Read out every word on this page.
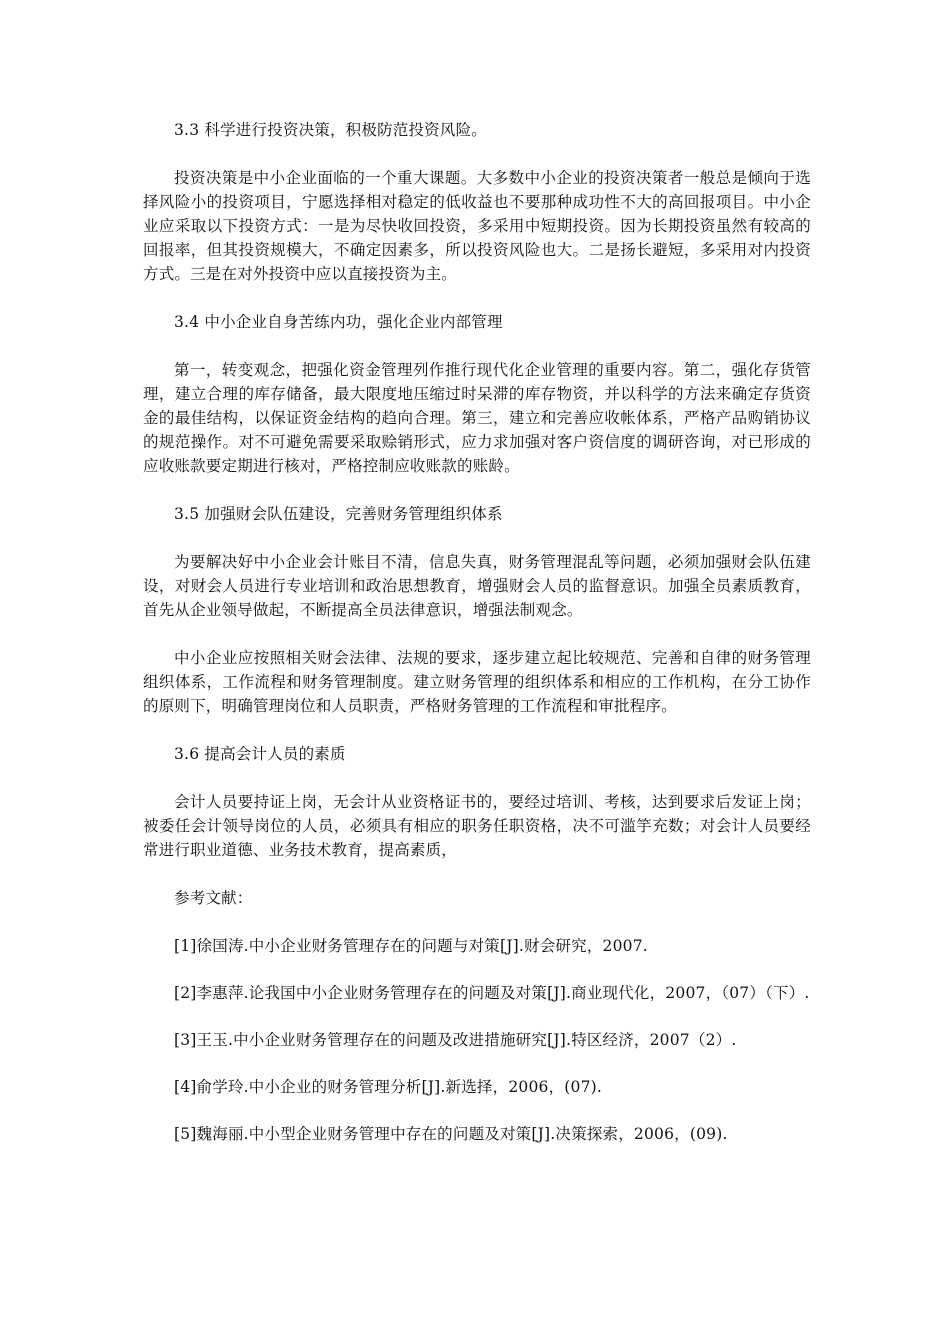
3.3 科学进行投资决策，积极防范投资风险。

投资决策是中小企业面临的一个重大课题。大多数中小企业的投资决策者一般总是倾向于选择风险小的投资项目，宁愿选择相对稳定的低收益也不要那种成功性不大的高回报项目。中小企业应采取以下投资方式：一是为尽快收回投资，多采用中短期投资。因为长期投资虽然有较高的回报率，但其投资规模大，不确定因素多，所以投资风险也大。二是扬长避短，多采用对内投资方式。三是在对外投资中应以直接投资为主。

3.4 中小企业自身苦练内功，强化企业内部管理

第一，转变观念，把强化资金管理列作推行现代化企业管理的重要内容。第二，强化存货管理，建立合理的库存储备，最大限度地压缩过时呆滞的库存物资，并以科学的方法来确定存货资金的最佳结构，以保证资金结构的趋向合理。第三，建立和完善应收帐体系，严格产品购销协议的规范操作。对不可避免需要采取赊销形式，应力求加强对客户资信度的调研咨询，对已形成的应收账款要定期进行核对，严格控制应收账款的账龄。

3.5 加强财会队伍建设，完善财务管理组织体系

为要解决好中小企业会计账目不清，信息失真，财务管理混乱等问题，必须加强财会队伍建设，对财会人员进行专业培训和政治思想教育，增强财会人员的监督意识。加强全员素质教育，首先从企业领导做起，不断提高全员法律意识，增强法制观念。

中小企业应按照相关财会法律、法规的要求，逐步建立起比较规范、完善和自律的财务管理组织体系，工作流程和财务管理制度。建立财务管理的组织体系和相应的工作机构，在分工协作的原则下，明确管理岗位和人员职责，严格财务管理的工作流程和审批程序。

3.6 提高会计人员的素质

会计人员要持证上岗，无会计从业资格证书的，要经过培训、考核，达到要求后发证上岗；被委任会计领导岗位的人员，必须具有相应的职务任职资格，决不可滥竽充数；对会计人员要经常进行职业道德、业务技术教育，提高素质，

参考文献：

[1]徐国涛.中小企业财务管理存在的问题与对策[J].财会研究，2007.

[2]李惠萍.论我国中小企业财务管理存在的问题及对策[J].商业现代化，2007，（07）（下）.

[3]王玉.中小企业财务管理存在的问题及改进措施研究[J].特区经济，2007（2）.

[4]俞学玲.中小企业的财务管理分析[J].新选择，2006，(07).

[5]魏海丽.中小型企业财务管理中存在的问题及对策[J].决策探索，2006，(09).
